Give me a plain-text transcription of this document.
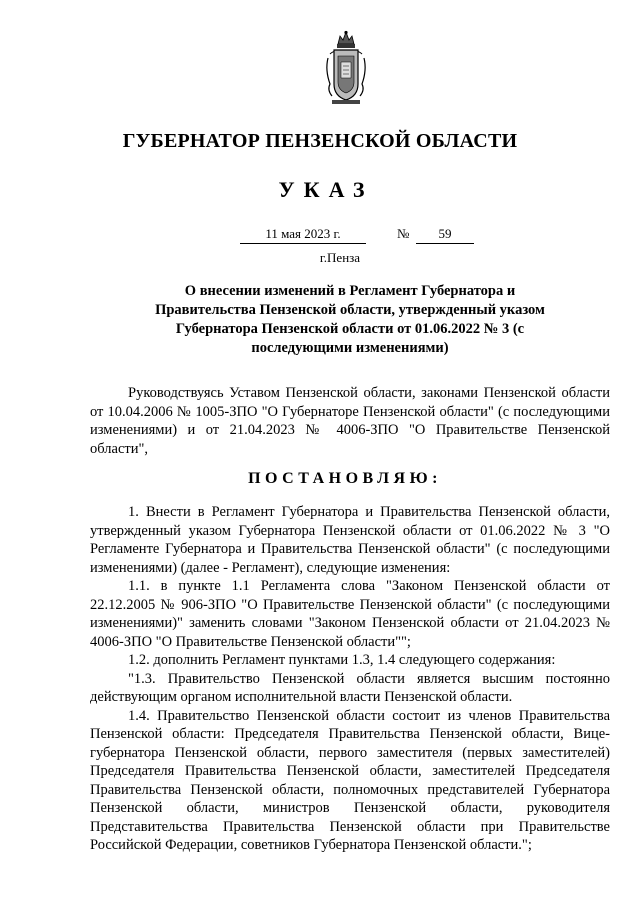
ГУБЕРНАТОР ПЕНЗЕНСКОЙ ОБЛАСТИ
УКАЗ
11 мая 2023 г.	№	59
г.Пенза
О внесении изменений в Регламент Губернатора и Правительства Пензенской области, утвержденный указом Губернатора Пензенской области от 01.06.2022 № 3 (с последующими изменениями)

Руководствуясь Уставом Пензенской области, законами Пензенской области от 10.04.2006 № 1005-ЗПО "О Губернаторе Пензенской области" (с последующими изменениями) и от 21.04.2023 № 4006-ЗПО "О Правительстве Пензенской области",

ПОСТАНОВЛЯЮ:

1. Внести в Регламент Губернатора и Правительства Пензенской области, утвержденный указом Губернатора Пензенской области от 01.06.2022 № 3 "О Регламенте Губернатора и Правительства Пензенской области" (с последующими изменениями) (далее - Регламент), следующие изменения:

1.1. в пункте 1.1 Регламента слова "Законом Пензенской области от 22.12.2005 № 906-ЗПО "О Правительстве Пензенской области" (с последующими изменениями)" заменить словами "Законом Пензенской области от 21.04.2023 № 4006-ЗПО "О Правительстве Пензенской области"";

1.2. дополнить Регламент пунктами 1.3, 1.4 следующего содержания:

"1.3. Правительство Пензенской области является высшим постоянно действующим органом исполнительной власти Пензенской области.

1.4. Правительство Пензенской области состоит из членов Правительства Пензенской области: Председателя Правительства Пензенской области, Вице-губернатора Пензенской области, первого заместителя (первых заместителей) Председателя Правительства Пензенской области, заместителей Председателя Правительства Пензенской области, полномочных представителей Губернатора Пензенской области, министров Пензенской области, руководителя Представительства Правительства Пензенской области при Правительстве Российской Федерации, советников Губернатора Пензенской области.";
